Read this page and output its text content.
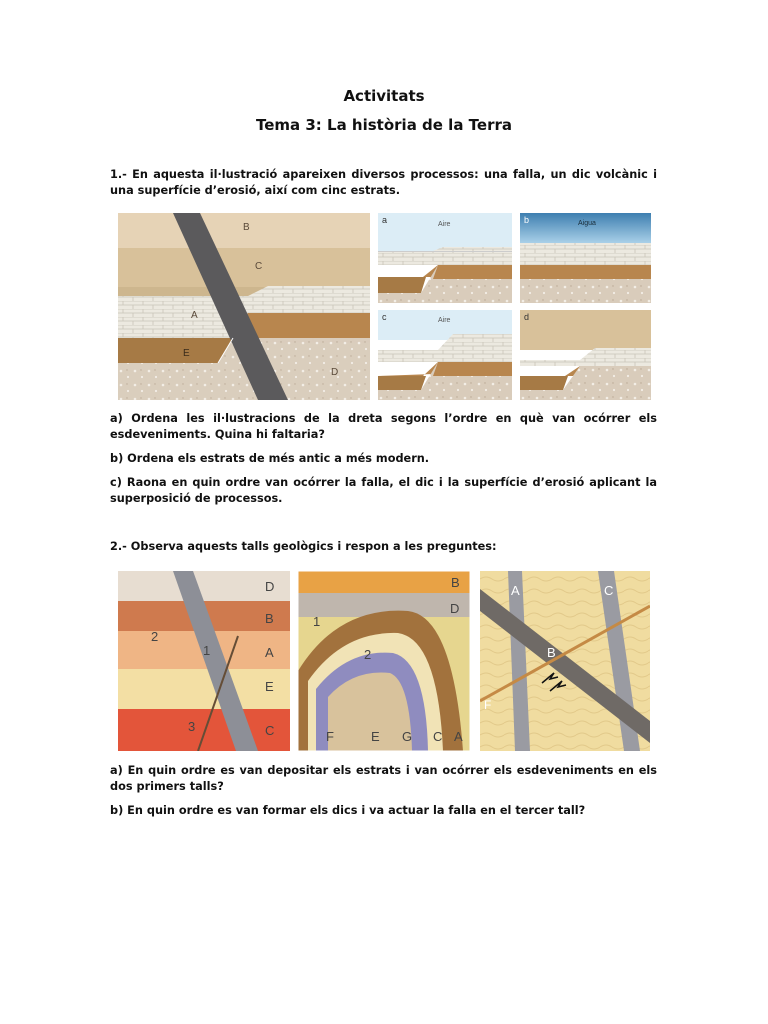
Activitats
Tema 3: La història de la Terra

1.- En aquesta il·lustració apareixen diversos processos: una falla, un dic volcànic i una superfície d’erosió, així com cinc estrats.

B
C
A
E
D
a	Aire	b	Aigua
c	Aire	d

a) Ordena les il·lustracions de la dreta segons l’ordre en què van ocórrer els esdeveniments. Quina hi faltaria?

b) Ordena els estrats de més antic a més modern.

c) Raona en quin ordre van ocórrer la falla, el dic i la superfície d’erosió aplicant la superposició de processos.

2.- Observa aquests talls geològics i respon a les preguntes:

D
B
A
E
C
2
1
3
B
D
1
2
F	E G C A
A	C
B
F

a) En quin ordre es van depositar els estrats i van ocórrer els esdeveniments en els dos primers talls?

b) En quin ordre es van formar els dics i va actuar la falla en el tercer tall?
